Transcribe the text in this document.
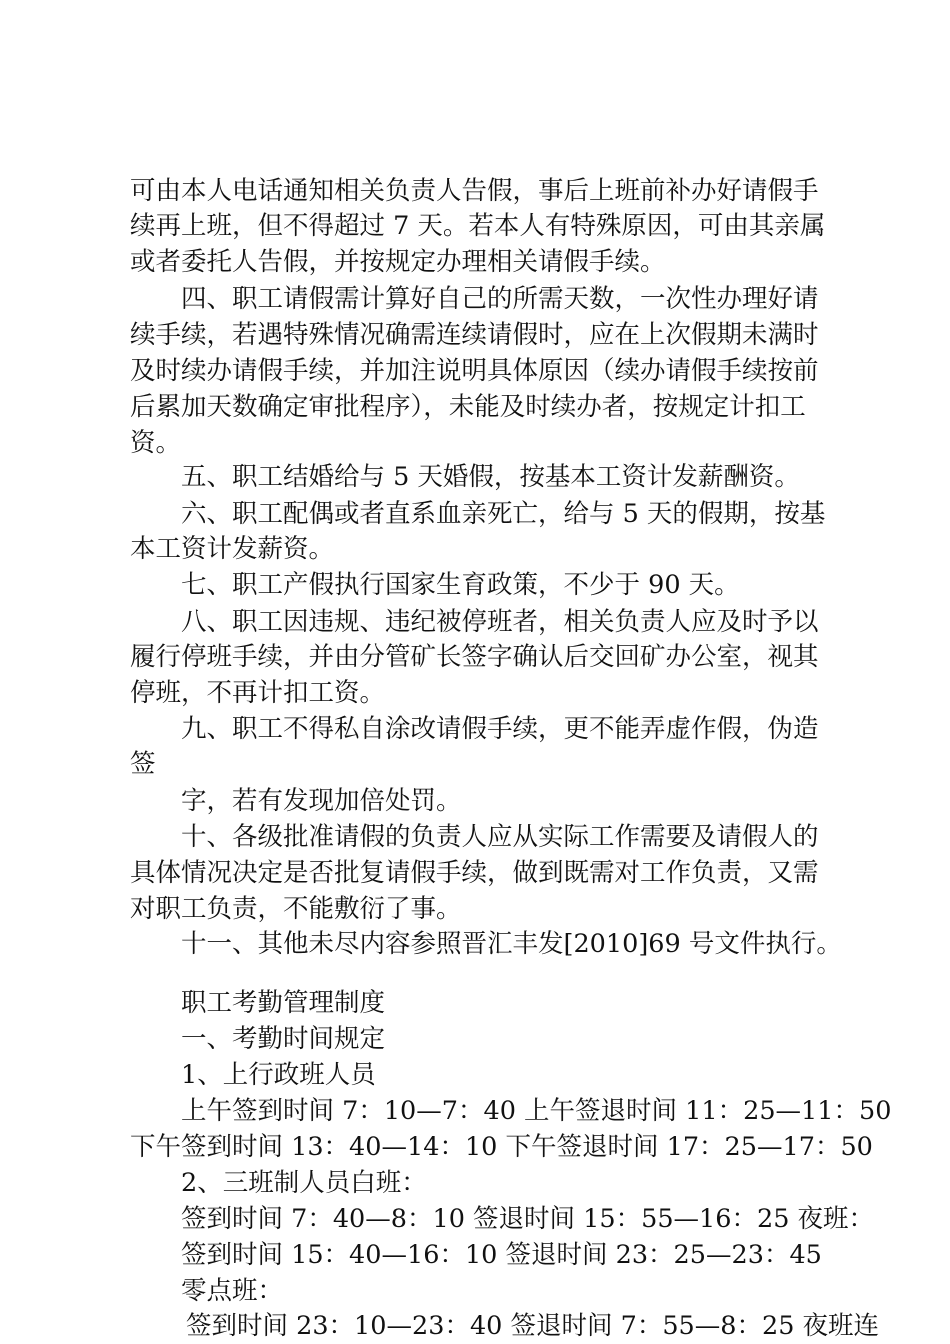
可由本人电话通知相关负责人告假，事后上班前补办好请假手
续再上班，但不得超过 7 天。若本人有特殊原因，可由其亲属
或者委托人告假，并按规定办理相关请假手续。
四、职工请假需计算好自己的所需天数，一次性办理好请
续手续，若遇特殊情况确需连续请假时，应在上次假期未满时
及时续办请假手续，并加注说明具体原因（续办请假手续按前
后累加天数确定审批程序），未能及时续办者，按规定计扣工
资。
五、职工结婚给与 5 天婚假，按基本工资计发薪酬资。
六、职工配偶或者直系血亲死亡，给与 5 天的假期，按基
本工资计发薪资。
七、职工产假执行国家生育政策，不少于 90 天。
八、职工因违规、违纪被停班者，相关负责人应及时予以
履行停班手续，并由分管矿长签字确认后交回矿办公室，视其
停班，不再计扣工资。
九、职工不得私自涂改请假手续，更不能弄虚作假，伪造
签
字，若有发现加倍处罚。
十、各级批准请假的负责人应从实际工作需要及请假人的
具体情况决定是否批复请假手续，做到既需对工作负责，又需
对职工负责，不能敷衍了事。
十一、其他未尽内容参照晋汇丰发[2010]69 号文件执行。
职工考勤管理制度
一、考勤时间规定
1、上行政班人员
上午签到时间 7：10—7：40 上午签退时间 11：25—11：50
下午签到时间 13：40—14：10 下午签退时间 17：25—17：50
2、三班制人员白班：
签到时间 7：40—8：10 签退时间 15：55—16：25 夜班：
签到时间 15：40—16：10 签退时间 23：25—23：45
零点班：
签到时间 23：10—23：40 签退时间 7：55—8：25 夜班连
